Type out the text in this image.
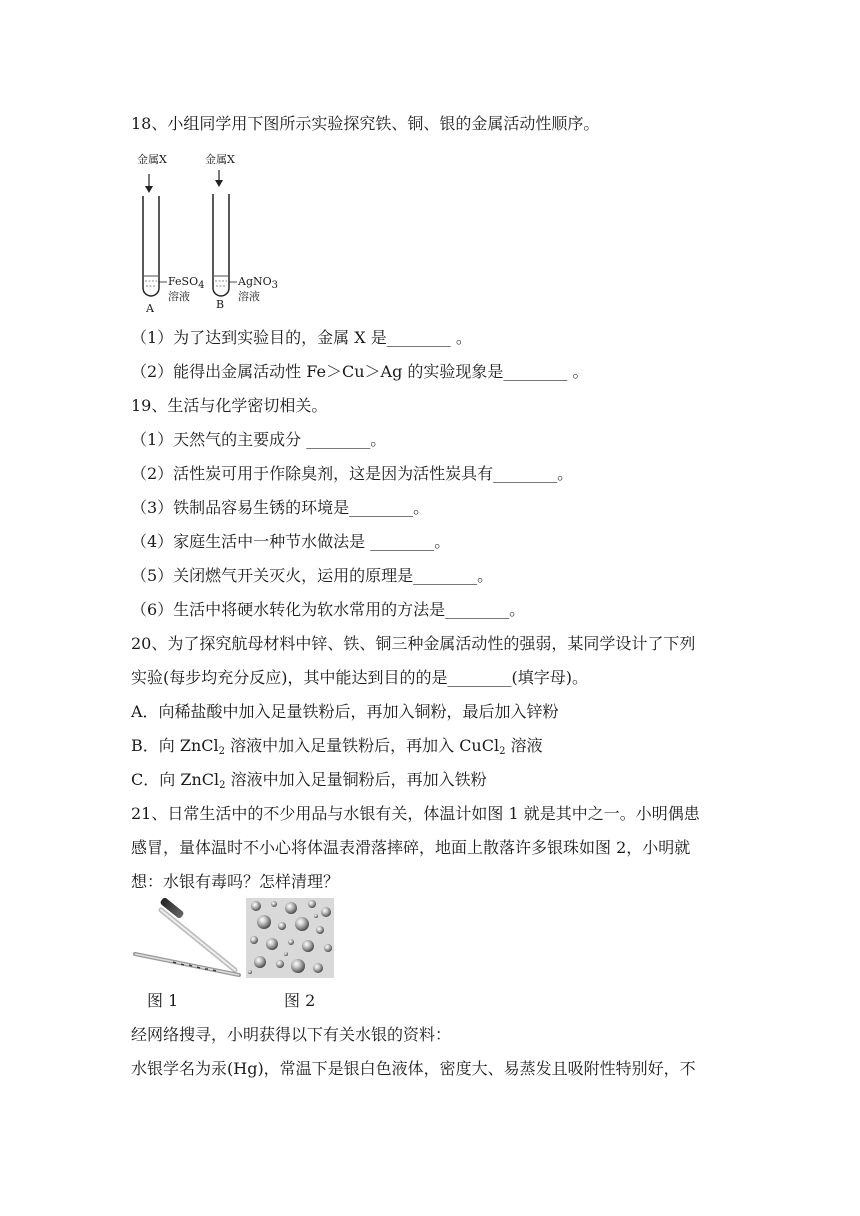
18、小组同学用下图所示实验探究铁、铜、银的金属活动性顺序。
金属X	金属X
FeSO$_4$
溶液
AgNO$_3$
溶液
A	B
（1）为了达到实验目的，金属 X 是________ 。
（2）能得出金属活动性 Fe＞Cu＞Ag 的实验现象是________ 。
19、生活与化学密切相关。
（1）天然气的主要成分 ________。
（2）活性炭可用于作除臭剂，这是因为活性炭具有________。
（3）铁制品容易生锈的环境是________。
（4）家庭生活中一种节水做法是 ________。
（5）关闭燃气开关灭火，运用的原理是________。
（6）生活中将硬水转化为软水常用的方法是________。
20、为了探究航母材料中锌、铁、铜三种金属活动性的强弱，某同学设计了下列
实验(每步均充分反应)，其中能达到目的的是________(填字母)。
A．向稀盐酸中加入足量铁粉后，再加入铜粉，最后加入锌粉
B．向 ZnCl$_2$ 溶液中加入足量铁粉后，再加入 CuCl$_2$ 溶液
C．向 ZnCl$_2$ 溶液中加入足量铜粉后，再加入铁粉
21、日常生活中的不少用品与水银有关，体温计如图 1 就是其中之一。小明偶患
感冒，量体温时不小心将体温表滑落摔碎，地面上散落许多银珠如图 2，小明就
想：水银有毒吗？怎样清理？
图 1	图 2
经网络搜寻，小明获得以下有关水银的资料：
水银学名为汞(Hg)，常温下是银白色液体，密度大、易蒸发且吸附性特别好，不
